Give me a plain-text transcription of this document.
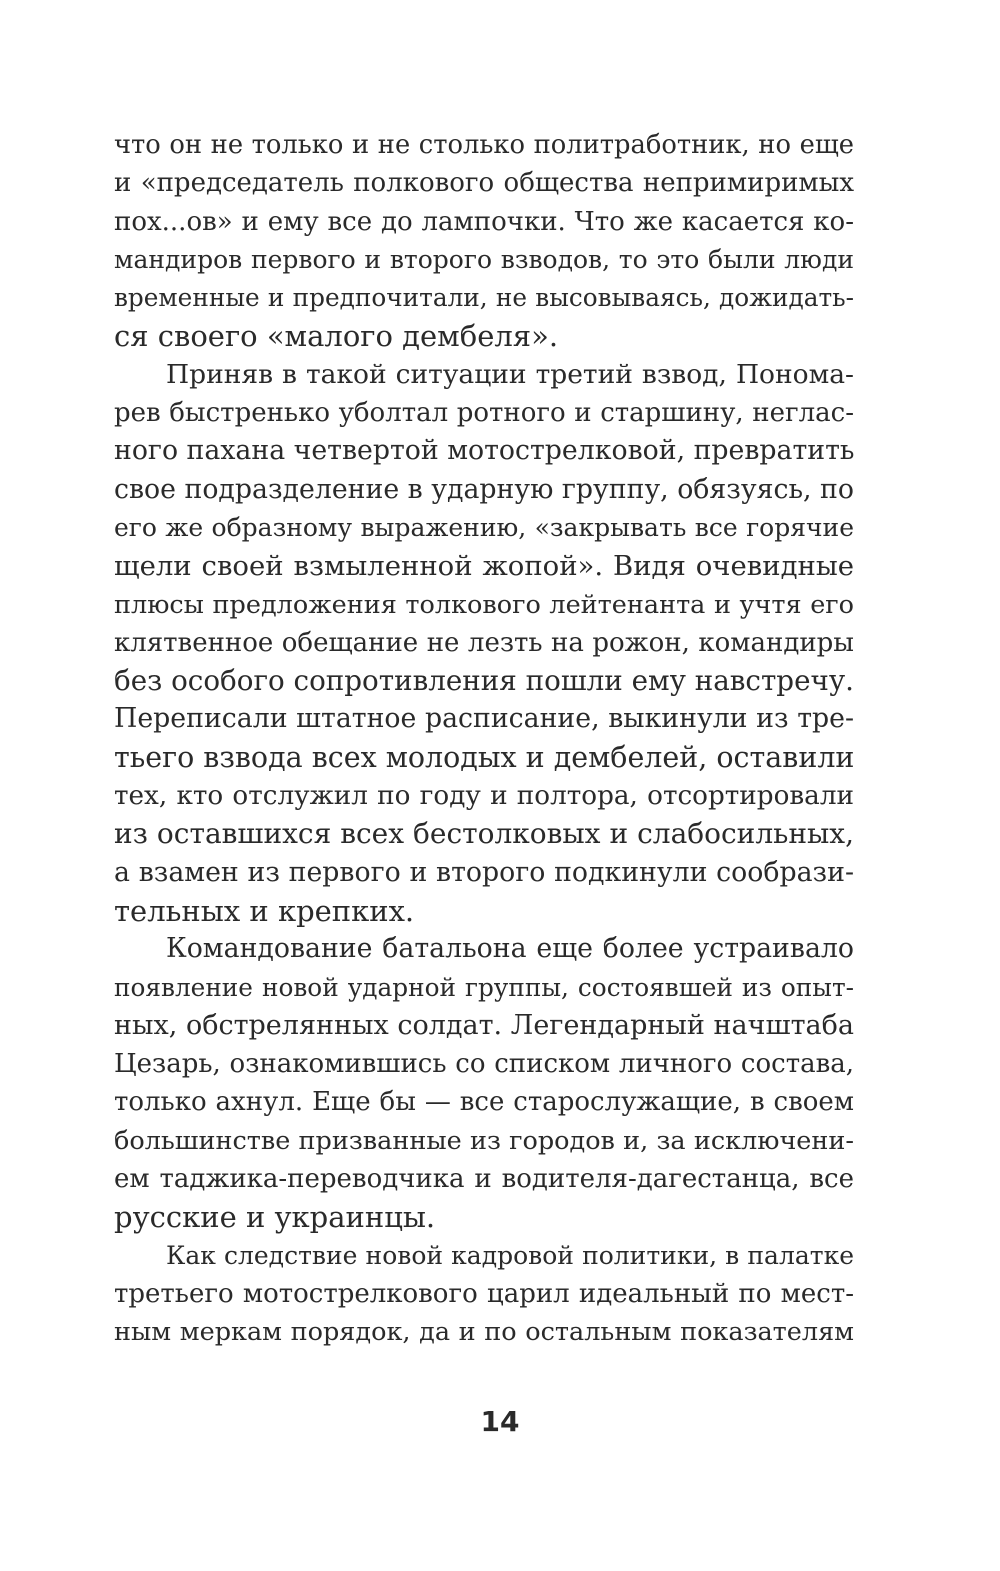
что он не только и не столько политработник, но еще
и «председатель полкового общества непримиримых
пох...ов» и ему все до лампочки. Что же касается ко-
мандиров первого и второго взводов, то это были люди
временные и предпочитали, не высовываясь, дожидать-
ся своего «малого дембеля».
Приняв в такой ситуации третий взвод, Понома-
рев быстренько уболтал ротного и старшину, неглас-
ного пахана четвертой мотострелковой, превратить
свое подразделение в ударную группу, обязуясь, по
его же образному выражению, «закрывать все горячие
щели своей взмыленной жопой». Видя очевидные
плюсы предложения толкового лейтенанта и учтя его
клятвенное обещание не лезть на рожон, командиры
без особого сопротивления пошли ему навстречу.
Переписали штатное расписание, выкинули из тре-
тьего взвода всех молодых и дембелей, оставили
тех, кто отслужил по году и полтора, отсортировали
из оставшихся всех бестолковых и слабосильных,
а взамен из первого и второго подкинули сообрази-
тельных и крепких.
Командование батальона еще более устраивало
появление новой ударной группы, состоявшей из опыт-
ных, обстрелянных солдат. Легендарный начштаба
Цезарь, ознакомившись со списком личного состава,
только ахнул. Еще бы — все старослужащие, в своем
большинстве призванные из городов и, за исключени-
ем таджика-переводчика и водителя-дагестанца, все
русские и украинцы.
Как следствие новой кадровой политики, в палатке
третьего мотострелкового царил идеальный по мест-
ным меркам порядок, да и по остальным показателям
14
